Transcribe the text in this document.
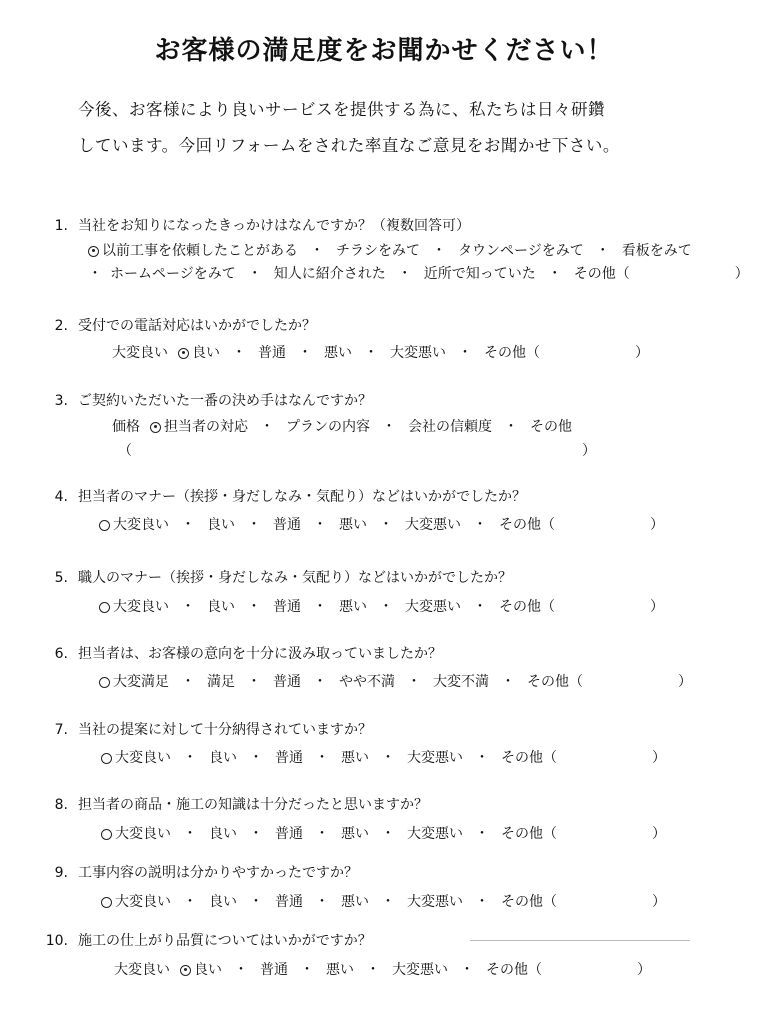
お客様の満足度をお聞かせください！
今後、お客様により良いサービスを提供する為に、私たちは日々研鑽
しています。今回リフォームをされた率直なご意見をお聞かせ下さい。
1. 当社をお知りになったきっかけはなんですか？（複数回答可）
以前工事を依頼したことがある ・ チラシをみて ・ タウンページをみて ・ 看板をみて
・ ホームページをみて ・ 知人に紹介された ・ 近所で知っていた ・ その他（	）
2. 受付での電話対応はいかがでしたか？
大変良い 良い ・ 普通 ・ 悪い ・ 大変悪い ・ その他（	）
3. ご契約いただいた一番の決め手はなんですか？
価格 担当者の対応 ・ プランの内容 ・ 会社の信頼度 ・ その他
（	）
4. 担当者のマナー（挨拶・身だしなみ・気配り）などはいかがでしたか？
大変良い ・ 良い ・ 普通 ・ 悪い ・ 大変悪い ・ その他（	）
5. 職人のマナー（挨拶・身だしなみ・気配り）などはいかがでしたか？
大変良い ・ 良い ・ 普通 ・ 悪い ・ 大変悪い ・ その他（	）
6. 担当者は、お客様の意向を十分に汲み取っていましたか？
大変満足 ・ 満足 ・ 普通 ・ やや不満 ・ 大変不満 ・ その他（	）
7. 当社の提案に対して十分納得されていますか？
大変良い ・ 良い ・ 普通 ・ 悪い ・ 大変悪い ・ その他（	）
8. 担当者の商品・施工の知識は十分だったと思いますか？
大変良い ・ 良い ・ 普通 ・ 悪い ・ 大変悪い ・ その他（	）
9. 工事内容の説明は分かりやすかったですか？
大変良い ・ 良い ・ 普通 ・ 悪い ・ 大変悪い ・ その他（	）
10. 施工の仕上がり品質についてはいかがですか？
大変良い 良い ・ 普通 ・ 悪い ・ 大変悪い ・ その他（	）
